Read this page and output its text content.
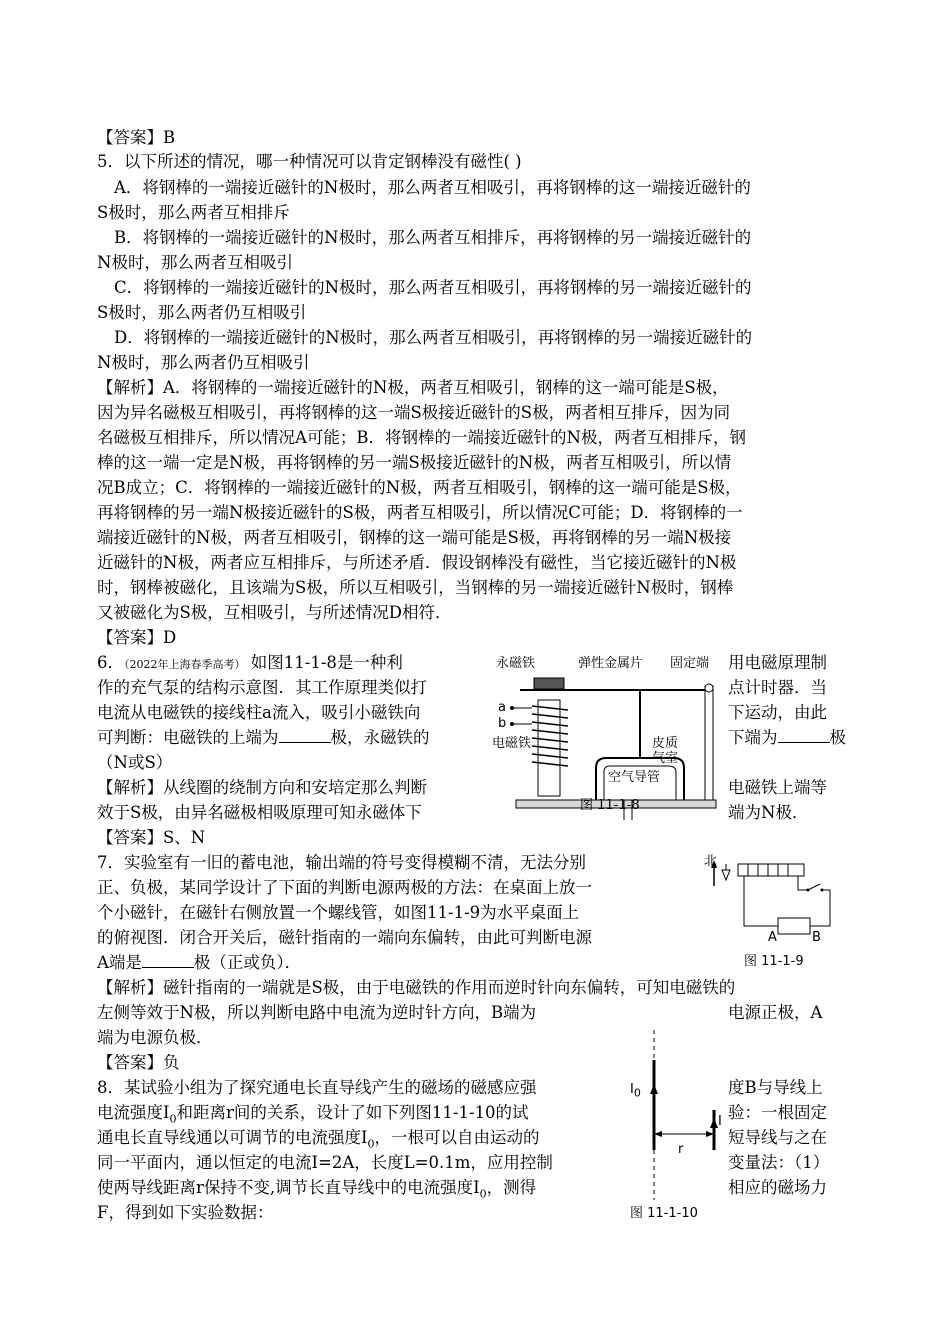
【答案】B
5．以下所述的情况，哪一种情况可以肯定钢棒没有磁性( )
A．将钢棒的一端接近磁针的N极时，那么两者互相吸引，再将钢棒的这一端接近磁针的
S极时，那么两者互相排斥
B．将钢棒的一端接近磁针的N极时，那么两者互相排斥，再将钢棒的另一端接近磁针的
N极时，那么两者互相吸引
C．将钢棒的一端接近磁针的N极时，那么两者互相吸引，再将钢棒的另一端接近磁针的
S极时，那么两者仍互相吸引
D．将钢棒的一端接近磁针的N极时，那么两者互相吸引，再将钢棒的另一端接近磁针的
N极时，那么两者仍互相吸引
【解析】A．将钢棒的一端接近磁针的N极，两者互相吸引，钢棒的这一端可能是S极，
因为异名磁极互相吸引，再将钢棒的这一端S极接近磁针的S极，两者相互排斥，因为同
名磁极互相排斥，所以情况A可能；B．将钢棒的一端接近磁针的N极，两者互相排斥，钢
棒的这一端一定是N极，再将钢棒的另一端S极接近磁针的N极，两者互相吸引，所以情
况B成立；C．将钢棒的一端接近磁针的N极，两者互相吸引，钢棒的这一端可能是S极，
再将钢棒的另一端N极接近磁针的S极，两者互相吸引，所以情况C可能；D．将钢棒的一
端接近磁针的N极，两者互相吸引，钢棒的这一端可能是S极，再将钢棒的另一端N极接
近磁针的N极，两者应互相排斥，与所述矛盾．假设钢棒没有磁性，当它接近磁针的N极
时，钢棒被磁化，且该端为S极，所以互相吸引，当钢棒的另一端接近磁针N极时，钢棒
又被磁化为S极，互相吸引，与所述情况D相符．
【答案】D
6．（2022年上海春季高考） 如图11-1-8是一种利	用电磁原理制
作的充气泵的结构示意图．其工作原理类似打	点计时器．当
电流从电磁铁的接线柱a流入，吸引小磁铁向	下运动，由此
可判断：电磁铁的上端为	极，永磁铁的	下端为	极
（N或S）
【解析】从线圈的绕制方向和安培定那么判断	电磁铁上端等
效于S极，由异名磁极相吸原理可知永磁体下	端为N极．
【答案】S、N
永磁铁	弹性金属片 固定端
a
b
电磁铁	皮质
气室
空气导管
图 11-1-8
7．实验室有一旧的蓄电池，输出端的符号变得模糊不清，无法分别
正、负极，某同学设计了下面的判断电源两极的方法：在桌面上放一
个小磁针，在磁针右侧放置一个螺线管，如图11-1-9为水平桌面上
的俯视图．闭合开关后，磁针指南的一端向东偏转，由此可判断电源
A端是	极（正或负）．
【解析】磁针指南的一端就是S极，由于电磁铁的作用而逆时针向东偏转，可知电磁铁的
左侧等效于N极，所以判断电路中电流为逆时针方向，B端为	电源正极，A
端为电源负极．
【答案】负
北
A	B
图 11-1-9
8．某试验小组为了探究通电长直导线产生的磁场的磁感应强	度B与导线上
电流强度$I_0$和距离r间的关系，设计了如下列图11-1-10的试	验：一根固定
通电长直导线通以可调节的电流强度$I_0$，一根可以自由运动的	短导线与之在
同一平面内，通以恒定的电流I=2A，长度L=0.1m，应用控制	变量法：（1）
使两导线距离r保持不变,调节长直导线中的电流强度$I_0$，测得	相应的磁场力
F，得到如下实验数据：
$I_0$
I
r
图 11-1-10
